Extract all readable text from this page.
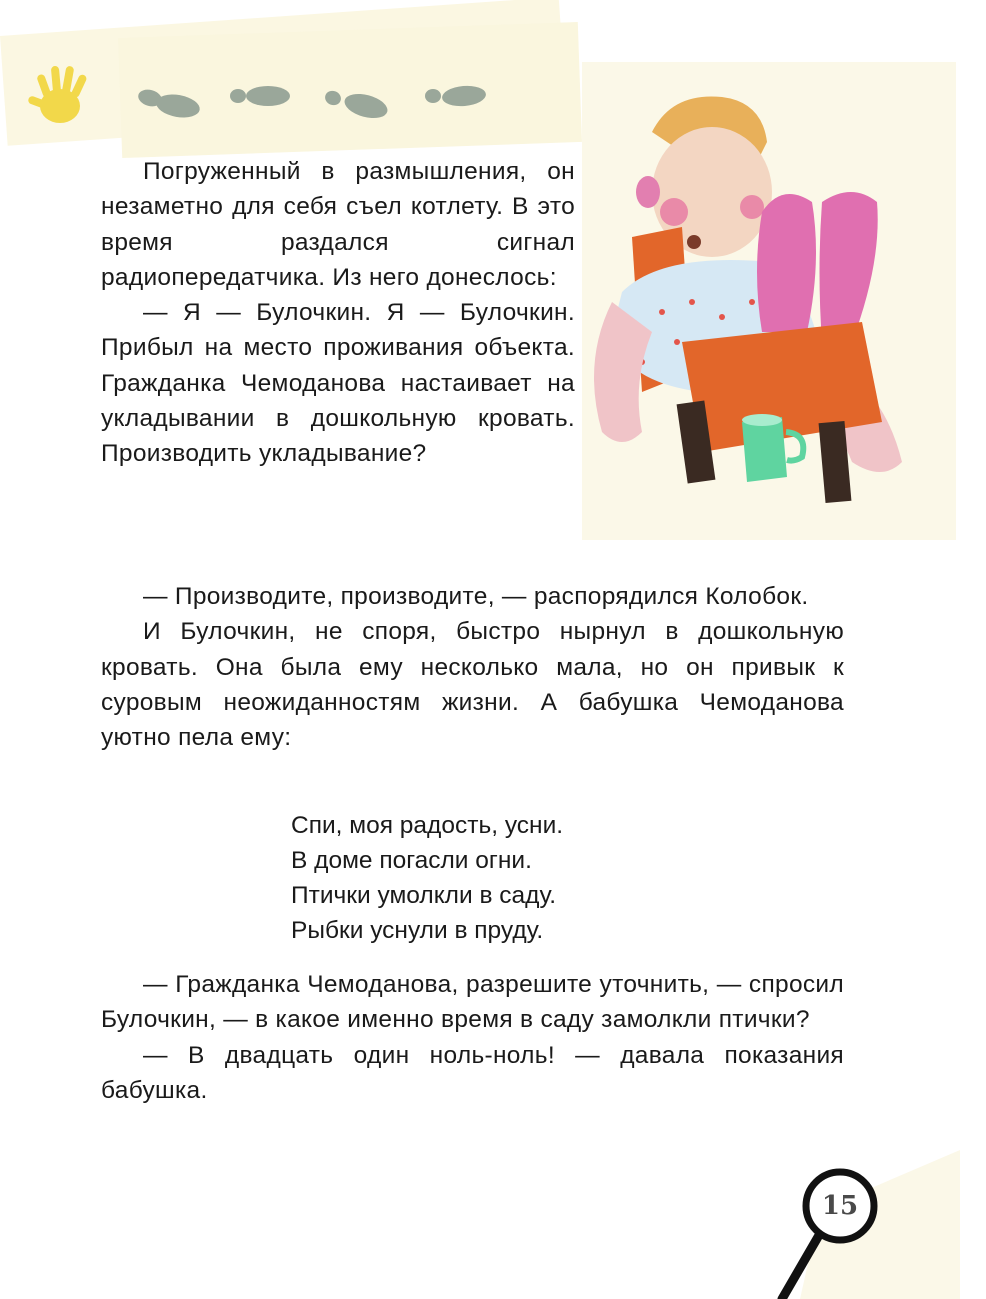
Погруженный в размышления, он незаметно для себя съел котлету. В это время раздался сигнал радиопередатчика. Из него донеслось:

— Я — Булочкин. Я — Булочкин. Прибыл на место проживания объекта. Гражданка Чемоданова настаивает на укладывании в дошкольную кровать. Производить укладывание?

— Производите, производите, — распорядился Колобок.

И Булочкин, не споря, быстро нырнул в дошкольную кровать. Она была ему несколько мала, но он привык к суровым неожиданностям жизни. А бабушка Чемоданова уютно пела ему:

Спи, моя радость, усни.
В доме погасли огни.
Птички умолкли в саду.
Рыбки уснули в пруду.

— Гражданка Чемоданова, разрешите уточнить, — спросил Булочкин, — в какое именно время в саду замолкли птички?

— В двадцать один ноль-ноль! — давала показания бабушка.

15
